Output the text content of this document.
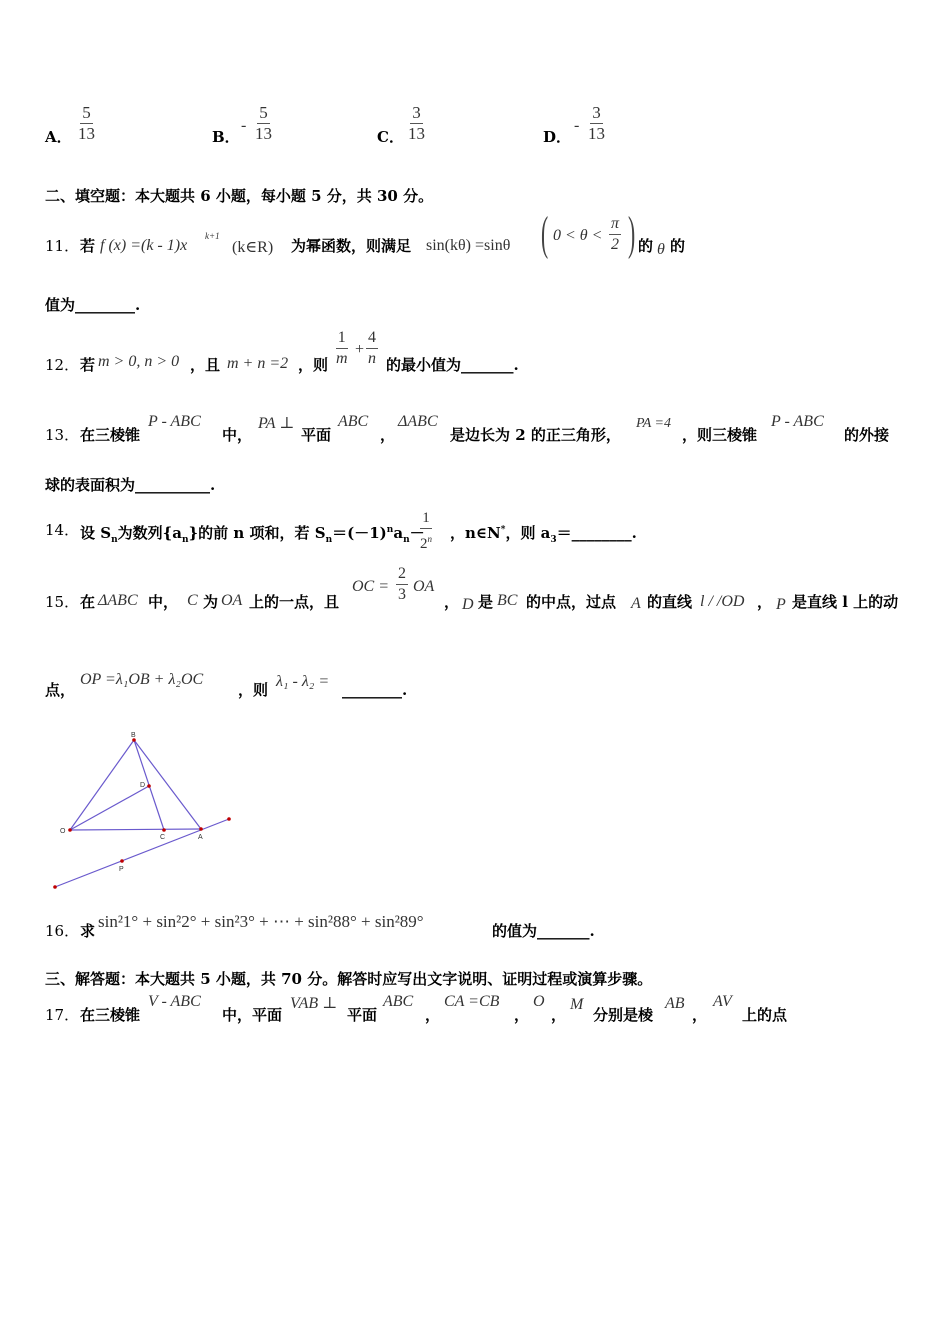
A． $\frac{5}{13}$	B．
- $\frac{5}{13}$	C． $\frac{3}{13}$	D．
- $\frac{3}{13}$
二、填空题：本大题共 6 小题，每小题 5 分，共 30 分。
11． 若 f (x) =(k - 1)x
k+1
(k∈R) 为幂函数，则满足 sin(kθ) =sinθ ( $0 < \theta < \frac{\pi}{2}$ ) 的 θ 的
值为________.
12． 若 m > 0, n > 0 ，且 m + n =2 ，则 $\frac{1}{m} + \frac{4}{n}$ 的最小值为_______.
13． 在三棱锥
P - ABC
中，
PA ⊥
平面
ABC
，
ΔABC
是边长为 2 的正三角形，
PA =4
，则三棱锥
P - ABC
的外接
球的表面积为__________.
14． 设 $S_n$为数列$\{a_n\}$的前 n 项和，若 $S_n=(-1)^na_n-$
$\frac{1}{2^n}$ ，n∈N*，则 $a_3=\_\_\_\_\_\_\_\_$.
15． 在 ΔABC 中， C 为 OA 上的一点，且
OC = $\frac{2}{3}$ OA
， D 是 BC 的中点，过点 A 的直线 l / /OD ， P 是直线 l 上的动
点，
OP =λ₁OB + λ₂OC
，则 λ₁ - λ₂ = ________.
B
D
O
C	A
P
16． 求 sin²1° + sin²2° + sin²3° + ⋯ + sin²88° + sin²89°	的值为_______.
三、解答题：本大题共 5 小题，共 70 分。解答时应写出文字说明、证明过程或演算步骤。
17． 在三棱锥
V - ABC
中，平面
VAB ⊥
平面
ABC
，
CA =CB
，
O
，
M
分别是棱
AB
，
AV
上的点
